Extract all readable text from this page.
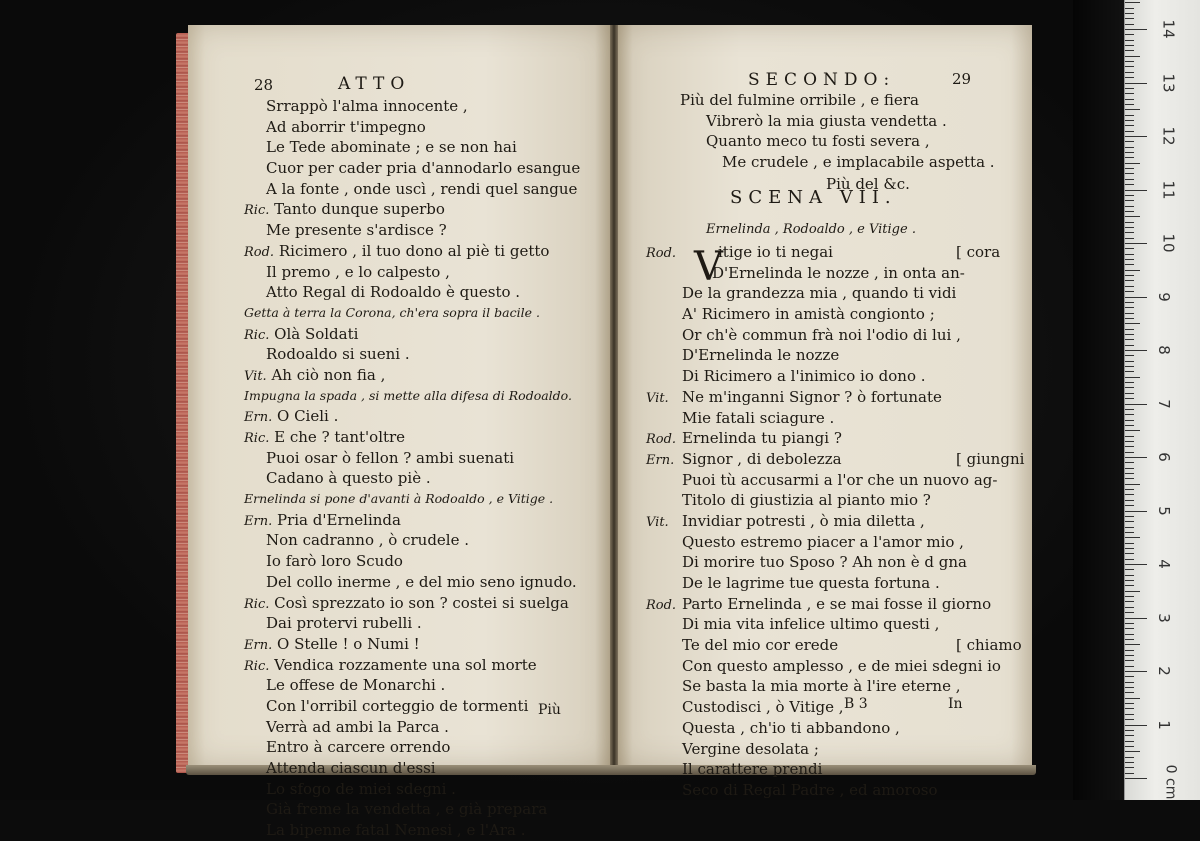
0 cm
1
2
3
4
5
6
7
8
9
10
11
12
13
14
28	ATTO	SECONDO:	29
Srrappò l'alma innocente ,
Ad aborrir t'impegno
Le Tede abominate ; e se non hai
Cuor per cader pria d'annodarlo esangue
A la fonte , onde uscì , rendi quel sangue
Ric. Tanto dunque superbo
Me presente s'ardisce ?
Rod. Ricimero , il tuo dono al piè ti getto
Il premo , e lo calpesto ,
Atto Regal di Rodoaldo è questo .
Getta à terra la Corona, ch'era sopra il bacile .
Ric. Olà Soldati
Rodoaldo si sueni .
Vit. Ah ciò non fia ,
Impugna la spada , si mette alla difesa di Rodoaldo.
Ern. O Cieli .
Ric. E che ? tant'oltre
Puoi osar ò fellon ? ambi suenati
Cadano à questo piè .
Ernelinda si pone d'avanti à Rodoaldo , e Vitige .
Ern. Pria d'Ernelinda
Non cadranno , ò crudele .
Io farò loro Scudo
Del collo inerme , e del mio seno ignudo.
Ric. Così sprezzato io son ? costei si suelga
Dai protervi rubelli .
Ern. O Stelle ! o Numi !
Ric. Vendica rozzamente una sol morte
Le offese de Monarchi .
Con l'orribil corteggio de tormenti
Verrà ad ambi la Parca .
Entro à carcere orrendo
Attenda ciascun d'essi
Lo sfogo de miei sdegni .
Già freme la vendetta , e già prepara
La bipenne fatal Nemesi , e l'Ara .
Più
Più del fulmine orribile , e fiera
Vibrerò la mia giusta vendetta .
Quanto meco tu fosti severa ,
Me crudele , e implacabile aspetta .
Più del &c.
SCENA VII.
Ernelinda , Rodoaldo , e Vitige .
V
Rod.	itige io ti negai	[ cora
D'Ernelinda le nozze , in onta an-
De la grandezza mia , quando ti vidi
A' Ricimero in amistà congionto ;
Or ch'è commun frà noi l'odio di lui ,
D'Ernelinda le nozze
Di Ricimero a l'inimico io dono .
Vit. Ne m'inganni Signor ? ò fortunate
Mie fatali sciagure .
Rod. Ernelinda tu piangi ?
Ern. Signor , di debolezza	[ giungni
Puoi tù accusarmi a l'or che un nuovo ag-
Titolo di giustizia al pianto mio ?
Vit. Invidiar potresti , ò mia diletta ,
Questo estremo piacer a l'amor mio ,
Di morire tuo Sposo ? Ah non è d gna
De le lagrime tue questa fortuna .
Rod. Parto Ernelinda , e se mai fosse il giorno
Di mia vita infelice ultimo questi ,
Te del mio cor erede	[ chiamo
Con questo amplesso , e de miei sdegni io
Se basta la mia morte à l'ire eterne ,
Custodisci , ò Vitige ,
Questa , ch'io ti abbandono ,
Vergine desolata ;
Il carattere prendi
Seco di Regal Padre , ed amoroso
B 3	In
